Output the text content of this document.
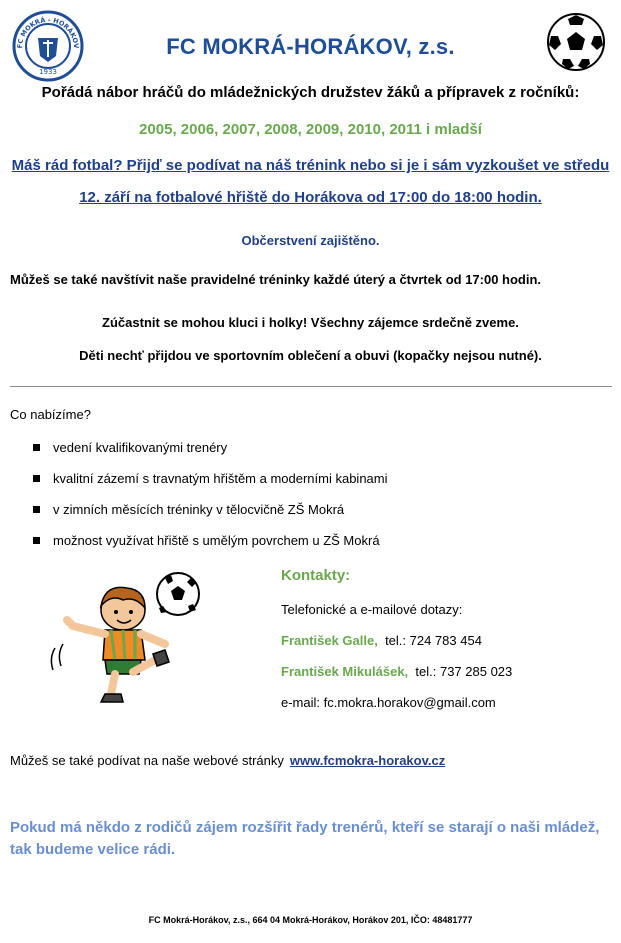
FC MOKRÁ - HORÁKOV
1933
FC MOKRÁ-HORÁKOV, z.s.
Pořádá nábor hráčů do mládežnických družstev žáků a přípravek z ročníků:
2005, 2006, 2007, 2008, 2009, 2010, 2011 i mladší
Máš rád fotbal? Přijď se podívat na náš trénink nebo si je i sám vyzkoušet ve středu
12. září na fotbalové hřiště do Horákova od 17:00 do 18:00 hodin.
Občerstvení zajištěno.
Můžeš se také navštívit naše pravidelné tréninky každé úterý a čtvrtek od 17:00 hodin.
Zúčastnit se mohou kluci i holky! Všechny zájemce srdečně zveme.
Děti nechť přijdou ve sportovním oblečení a obuvi (kopačky nejsou nutné).
Co nabízíme?
vedení kvalifikovanými trenéry
kvalitní zázemí s travnatým hřištěm a moderními kabinami
v zimních měsících tréninky v tělocvičně ZŠ Mokrá
možnost využívat hřiště s umělým povrchem u ZŠ Mokrá
Kontakty:
Telefonické a e-mailové dotazy:
František Galle, tel.: 724 783 454
František Mikulášek, tel.: 737 285 023
e-mail: fc.mokra.horakov@gmail.com
Můžeš se také podívat na naše webové stránky www.fcmokra-horakov.cz
Pokud má někdo z rodičů zájem rozšířit řady trenérů, kteří se starají o naši mládež, tak budeme velice rádi.
FC Mokrá-Horákov, z.s., 664 04 Mokrá-Horákov, Horákov 201, IČO: 48481777
